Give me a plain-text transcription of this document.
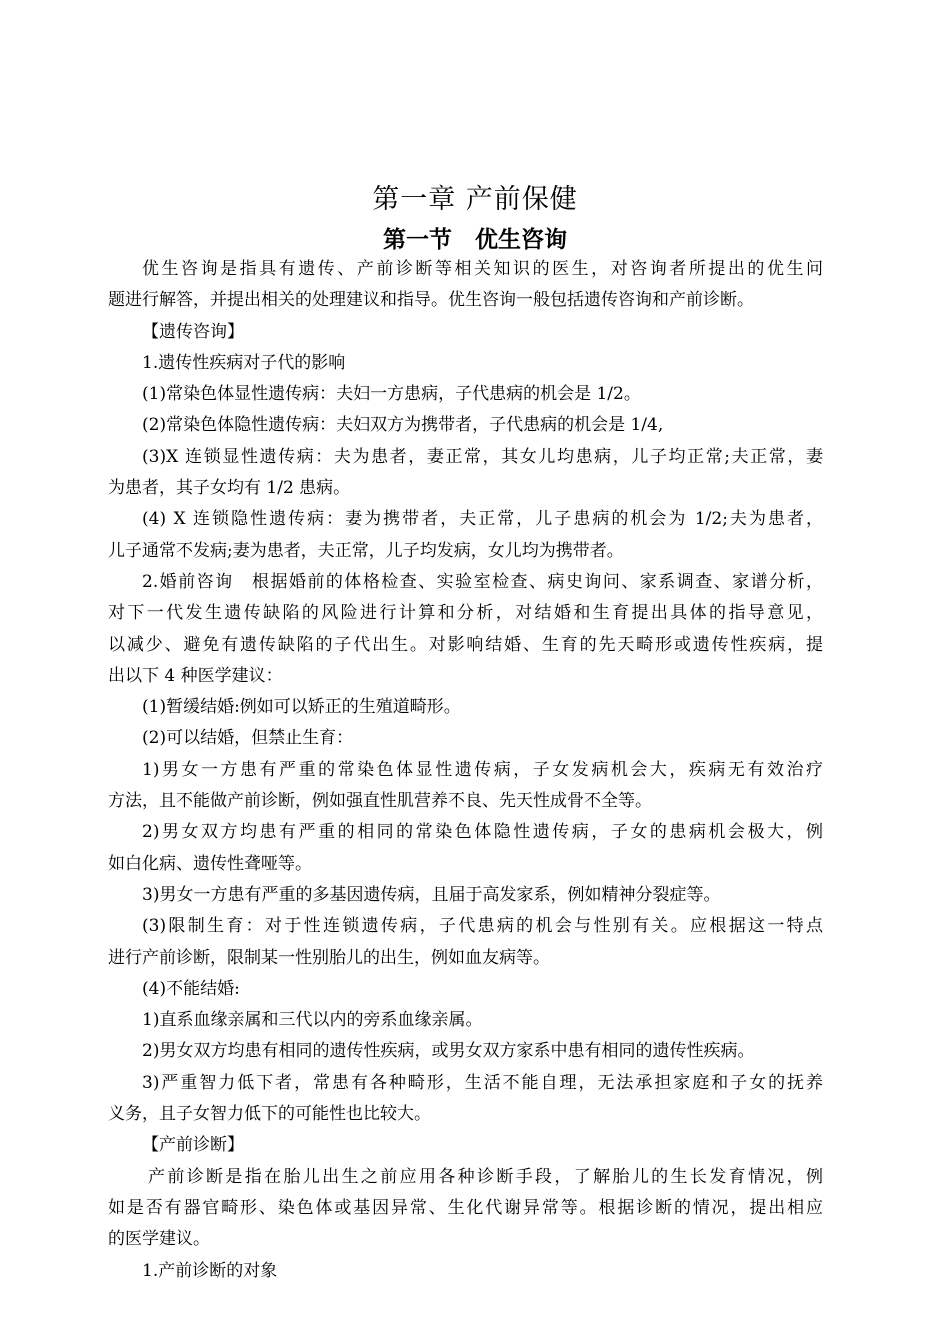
第一章 产前保健
第一节　优生咨询
优生咨询是指具有遗传、产前诊断等相关知识的医生，对咨询者所提出的优生问
题进行解答，并提出相关的处理建议和指导。优生咨询一般包括遗传咨询和产前诊断。
【遗传咨询】
1.遗传性疾病对子代的影响
(1)常染色体显性遗传病：夫妇一方患病，子代患病的机会是 1/2。
(2)常染色体隐性遗传病：夫妇双方为携带者，子代患病的机会是 1/4,
(3)X 连锁显性遗传病：夫为患者，妻正常，其女儿均患病，儿子均正常;夫正常，妻
为患者，其子女均有 1/2 患病。
(4) X 连锁隐性遗传病：妻为携带者，夫正常，儿子患病的机会为 1/2;夫为患者，
儿子通常不发病;妻为患者，夫正常，儿子均发病，女儿均为携带者。
2.婚前咨询　根据婚前的体格检查、实验室检查、病史询问、家系调查、家谱分析，
对下一代发生遗传缺陷的风险进行计算和分析，对结婚和生育提出具体的指导意见，
以减少、避免有遗传缺陷的子代出生。对影响结婚、生育的先天畸形或遗传性疾病，提
出以下 4 种医学建议：
(1)暂缓结婚:例如可以矫正的生殖道畸形。
(2)可以结婚，但禁止生育：
1)男女一方患有严重的常染色体显性遗传病，子女发病机会大，疾病无有效治疗
方法，且不能做产前诊断，例如强直性肌营养不良、先天性成骨不全等。
2)男女双方均患有严重的相同的常染色体隐性遗传病，子女的患病机会极大，例
如白化病、遗传性聋哑等。
3)男女一方患有严重的多基因遗传病，且届于高发家系，例如精神分裂症等。
(3)限制生育：对于性连锁遗传病，子代患病的机会与性别有关。应根据这一特点
进行产前诊断，限制某一性别胎儿的出生，例如血友病等。
(4)不能结婚:
1)直系血缘亲属和三代以内的旁系血缘亲属。
2)男女双方均患有相同的遗传性疾病，或男女双方家系中患有相同的遗传性疾病。
3)严重智力低下者，常患有各种畸形，生活不能自理，无法承担家庭和子女的抚养
义务，且子女智力低下的可能性也比较大。
【产前诊断】
产前诊断是指在胎儿出生之前应用各种诊断手段，了解胎儿的生长发育情况，例
如是否有器官畸形、染色体或基因异常、生化代谢异常等。根据诊断的情况，提出相应
的医学建议。
1.产前诊断的对象
